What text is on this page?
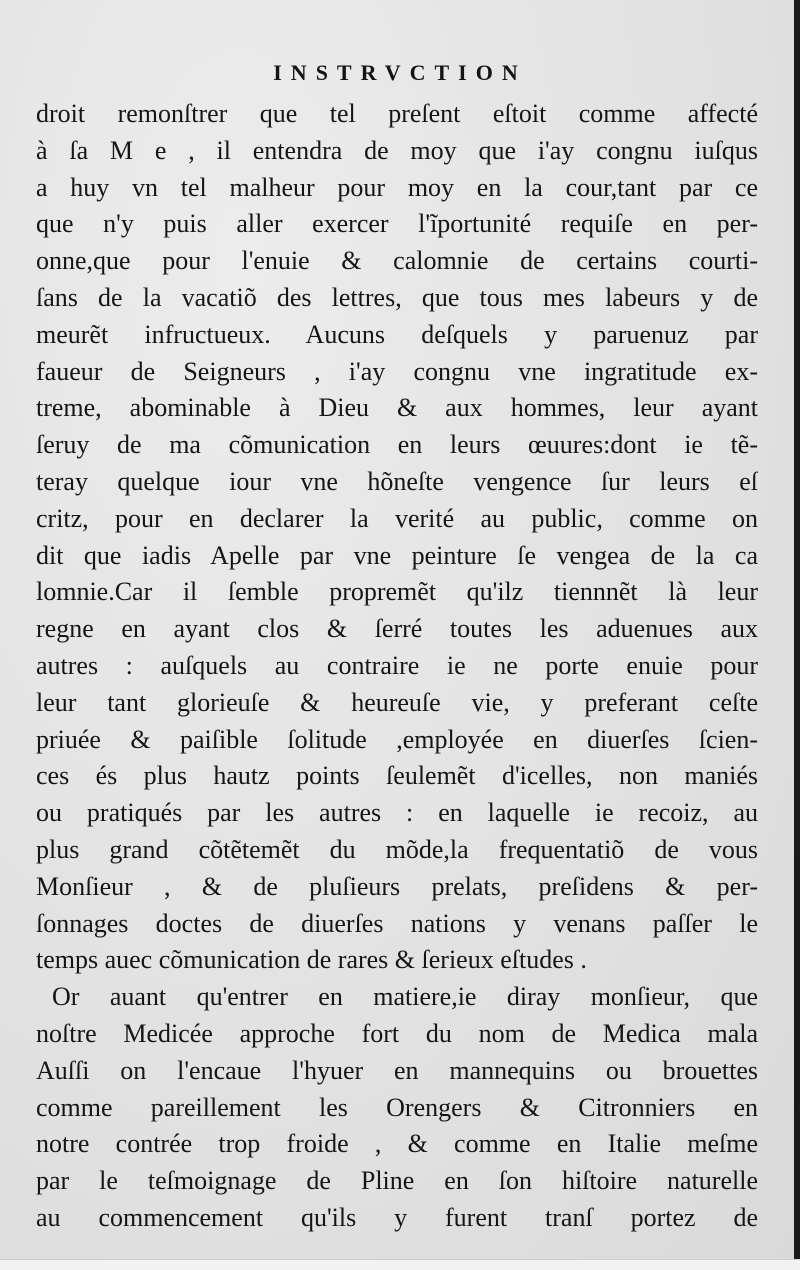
INSTRVCTION
droit remonſtrer que tel preſent eſtoit comme affecté
à ſa M e , il entendra de moy que i'ay congnu iuſqus
a huy vn tel malheur pour moy en la cour,tant par ce
que n'y puis aller exercer l'ĩportunité requiſe en per-
onne,que pour l'enuie & calomnie de certains courti-
ſans de la vacatiõ des lettres, que tous mes labeurs y de
meurẽt infructueux. Aucuns deſquels y paruenuz par
faueur de Seigneurs , i'ay congnu vne ingratitude ex-
treme, abominable à Dieu & aux hommes, leur ayant
ſeruy de ma cõmunication en leurs œuures:dont ie tẽ-
teray quelque iour vne hõneſte vengence ſur leurs eſ
critz, pour en declarer la verité au public, comme on
dit que iadis Apelle par vne peinture ſe vengea de la ca
lomnie.Car il ſemble propremẽt qu'ilz tiennnẽt là leur
regne en ayant clos & ſerré toutes les aduenues aux
autres : auſquels au contraire ie ne porte enuie pour
leur tant glorieuſe & heureuſe vie, y preferant ceſte
priuée & paiſible ſolitude ,employée en diuerſes ſcien-
ces és plus hautz points ſeulemẽt d'icelles, non maniés
ou pratiqués par les autres : en laquelle ie recoiz, au
plus grand cõtẽtemẽt du mõde,la frequentatiõ de vous
Monſieur , & de pluſieurs prelats, preſidens & per-
ſonnages doctes de diuerſes nations y venans paſſer le
temps auec cõmunication de rares & ſerieux eſtudes .
Or auant qu'entrer en matiere,ie diray monſieur, que
noſtre Medicée approche fort du nom de Medica mala
Auſſi on l'encaue l'hyuer en mannequins ou brouettes
comme pareillement les Orengers & Citronniers en
notre contrée trop froide , & comme en Italie meſme
par le teſmoignage de Pline en ſon hiſtoire naturelle
au commencement qu'ils y furent tranſ portez de
